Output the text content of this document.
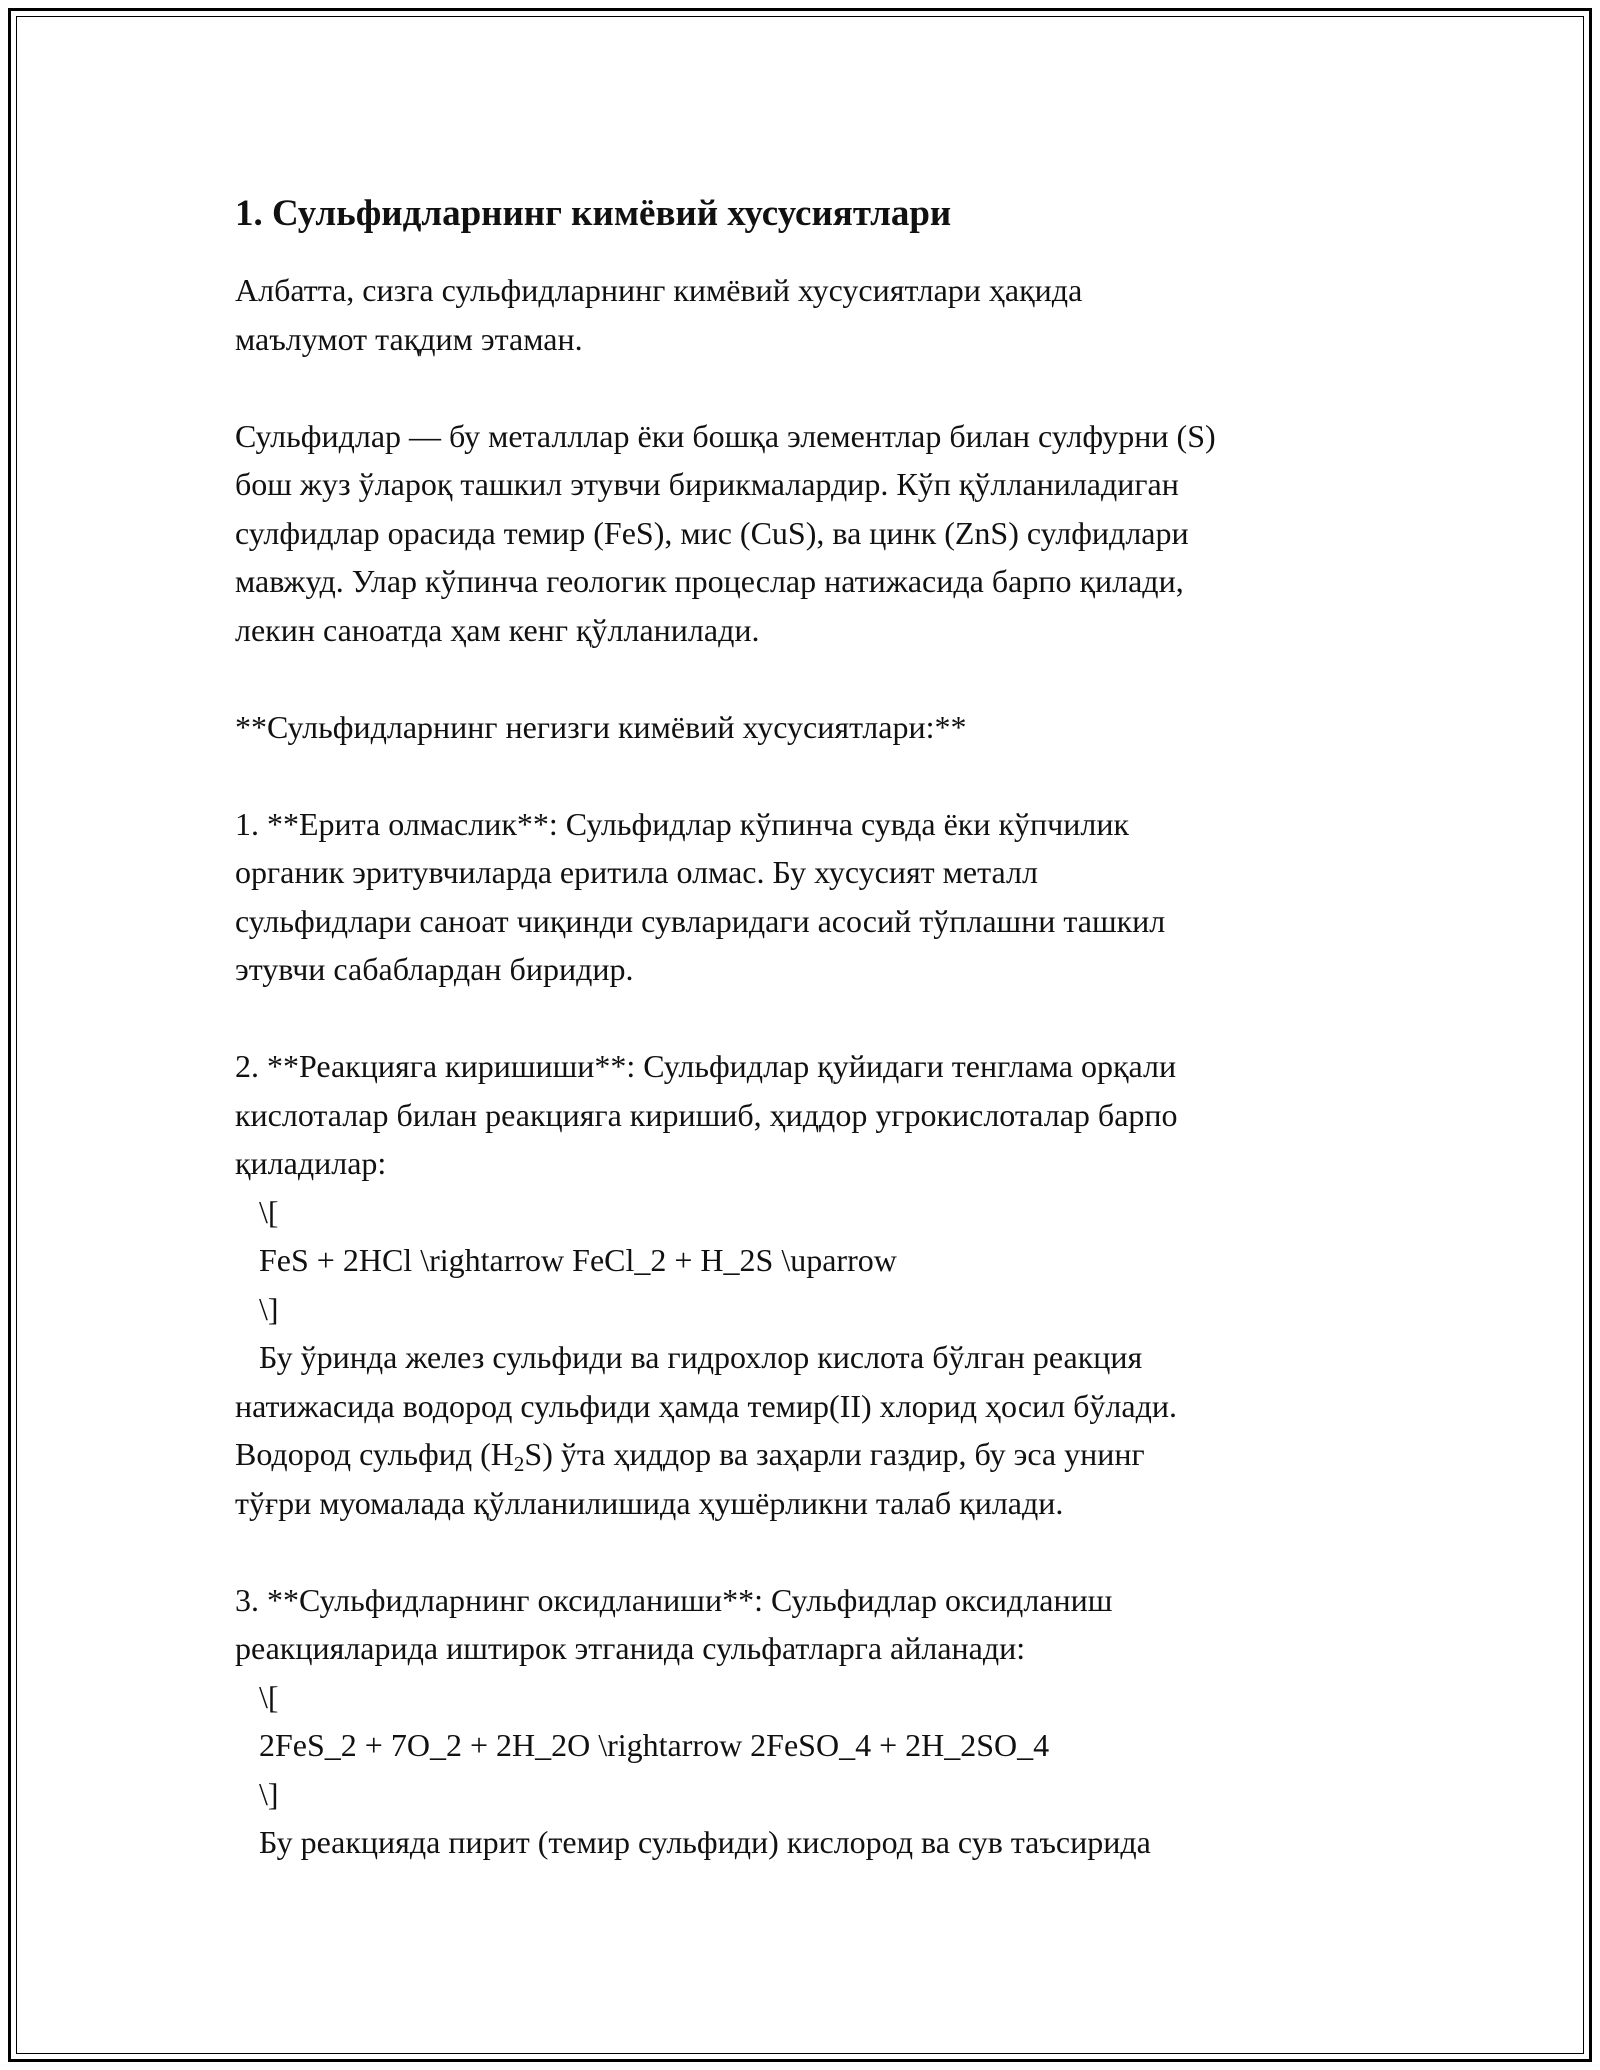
1. Сульфидларнинг кимёвий хусусиятлари

Албатта, сизга сульфидларнинг кимёвий хусусиятлари ҳақида
маълумот тақдим этаман.

Сульфидлар — бу металллар ёки бошқа элементлар билан сулфурни (S)
бош жуз ўлароқ ташкил этувчи бирикмалардир. Кўп қўлланиладиган
сулфидлар орасида темир (FeS), мис (CuS), ва цинк (ZnS) сулфидлари
мавжуд. Улар кўпинча геологик процеслар натижасида барпо қилади,
лекин саноатда ҳам кенг қўлланилади.

**Сульфидларнинг негизги кимёвий хусусиятлари:**

1. **Ерита олмаслик**: Сульфидлар кўпинча сувда ёки кўпчилик
органик эритувчиларда еритила олмас. Бу хусусият металл
сульфидлари саноат чиқинди сувларидаги асосий тўплашни ташкил
этувчи сабаблардан биридир.

2. **Реакцияга киришиши**: Сульфидлар қуйидаги тенглама орқали
кислоталар билан реакцияга киришиб, ҳиддор угрокислоталар барпо
қиладилар:

\[

FeS + 2HCl \rightarrow FeCl_2 + H_2S \uparrow

\]

Бу ўринда желез сульфиди ва гидрохлор кислота бўлган реакция
натижасида водород сульфиди ҳамда темир(II) хлорид ҳосил бўлади.
Водород сульфид $(H_2S)$ ўта ҳиддор ва заҳарли газдир, бу эса унинг
тўғри муомалада қўлланилишида ҳушёрликни талаб қилади.

3. **Сульфидларнинг оксидланиши**: Сульфидлар оксидланиш
реакцияларида иштирок этганида сульфатларга айланади:

\[

2FeS_2 + 7O_2 + 2H_2O \rightarrow 2FeSO_4 + 2H_2SO_4

\]

Бу реакцияда пирит (темир сульфиди) кислород ва сув таъсирида
